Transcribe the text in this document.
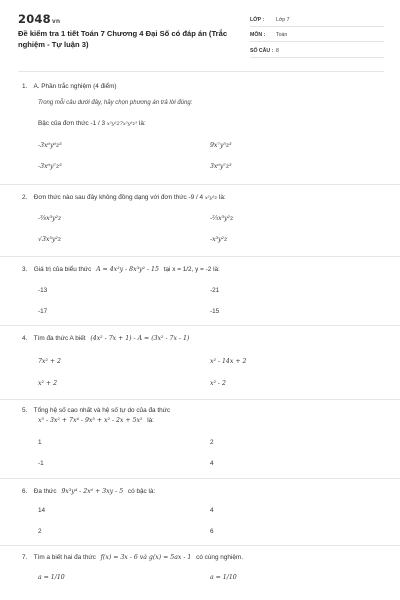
2048vn
Đề kiểm tra 1 tiết Toán 7 Chương 4 Đại Số có đáp án (Trắc nghiệm - Tự luận 3)
LỚP :	Lớp 7
MÔN :	Toán
SỐ CÂU : 8
1. A. Phần trắc nghiệm (4 điểm)
Trong mỗi câu dưới đây, hãy chọn phương án trả lời đúng:
Bậc của đơn thức -1 / 3 x³y³27x³y³z³ là:
-3x⁶y⁶z³	9x⁷y⁵z³
-3x⁶y⁷z³	3x⁶y⁷z³
2. Đơn thức nào sau đây không đồng dạng với đơn thức -9 / 4 x³y³z là:
-⅜x³y²z	-⅔x³y²z
√3x³y²z	-x³y²z
3. Giá trị của biểu thức A = 4x²y - 8x³y² - 15 tại x = 1/2, y = -2 là:
-13	-21
-17	-15
4. Tìm đa thức A biết (4x² - 7x + 1) - A = (3x² - 7x - 1)
7x² + 2	x² - 14x + 2
x² + 2	x² - 2
5. Tổng hệ số cao nhất và hệ số tự do của đa thức
x⁵ - 3x² + 7x⁴ - 9x³ + x² - 2x + 5x² là:
1	2
-1	4
6. Đa thức 9x³y⁴ - 2x⁶ + 3xy - 5 có bậc là:
14	4
2	6
7. Tìm a biết hai đa thức f(x) = 3x - 6 và g(x) = 5ax - 1 có cùng nghiệm.
a = 1/10	a = 1/10
